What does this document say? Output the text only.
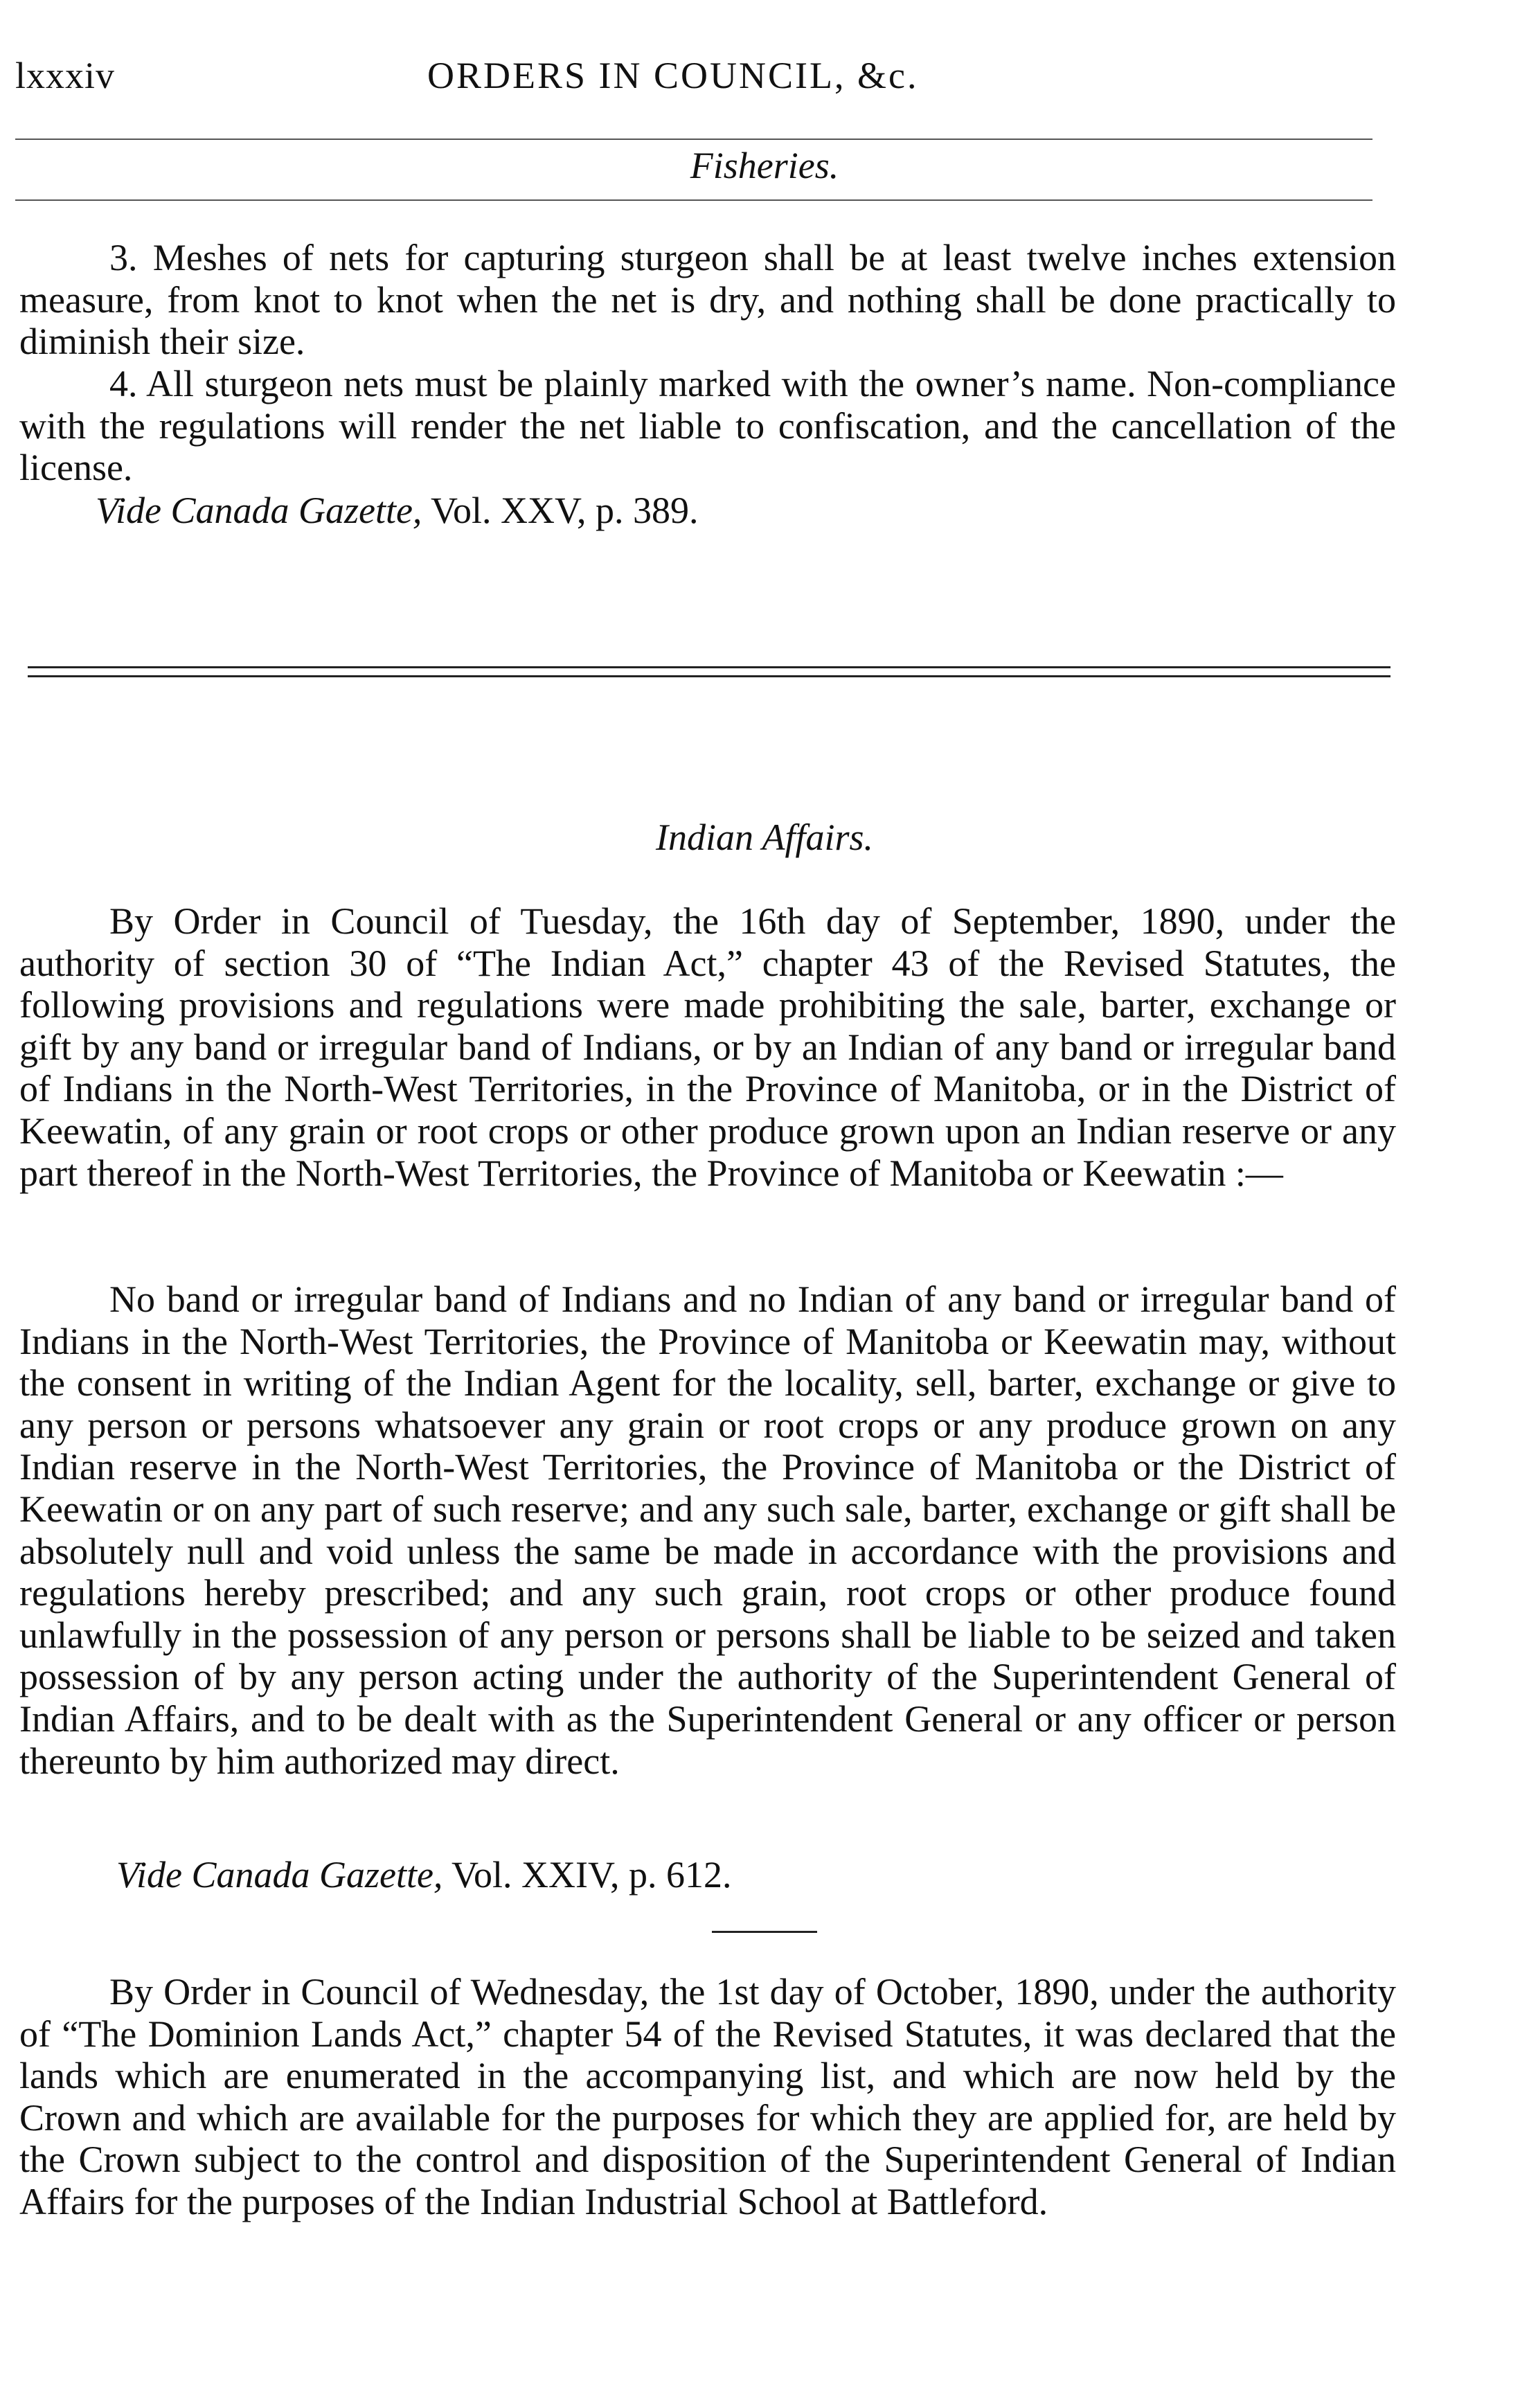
lxxxiv	ORDERS IN COUNCIL, &c.
Fisheries.

3. Meshes of nets for capturing sturgeon shall be at least twelve inches extension measure, from knot to knot when the net is dry, and nothing shall be done practically to diminish their size.

4. All sturgeon nets must be plainly marked with the owner’s name. Non-compliance with the regulations will render the net liable to confiscation, and the cancellation of the license.

Vide Canada Gazette, Vol. XXV, p. 389.
Indian Affairs.

By Order in Council of Tuesday, the 16th day of September, 1890, under the authority of section 30 of “The Indian Act,” chapter 43 of the Revised Statutes, the following provisions and regulations were made prohibiting the sale, barter, exchange or gift by any band or irregular band of Indians, or by an Indian of any band or irregular band of Indians in the North-West Territories, in the Province of Manitoba, or in the District of Keewatin, of any grain or root crops or other produce grown upon an Indian reserve or any part thereof in the North-West Territories, the Province of Manitoba or Keewatin :—

No band or irregular band of Indians and no Indian of any band or irregular band of Indians in the North-West Territories, the Province of Manitoba or Keewatin may, without the consent in writing of the Indian Agent for the locality, sell, barter, exchange or give to any person or persons whatsoever any grain or root crops or any produce grown on any Indian reserve in the North-West Territories, the Province of Manitoba or the District of Keewatin or on any part of such reserve; and any such sale, barter, exchange or gift shall be absolutely null and void unless the same be made in accordance with the provisions and regulations hereby prescribed; and any such grain, root crops or other produce found unlawfully in the possession of any person or persons shall be liable to be seized and taken possession of by any person acting under the authority of the Superintendent General of Indian Affairs, and to be dealt with as the Superintendent General or any officer or person thereunto by him authorized may direct.

Vide Canada Gazette, Vol. XXIV, p. 612.

By Order in Council of Wednesday, the 1st day of October, 1890, under the authority of “The Dominion Lands Act,” chapter 54 of the Revised Statutes, it was declared that the lands which are enumerated in the accompanying list, and which are now held by the Crown and which are available for the purposes for which they are applied for, are held by the Crown subject to the control and disposition of the Superintendent General of Indian Affairs for the purposes of the Indian Industrial School at Battleford.
